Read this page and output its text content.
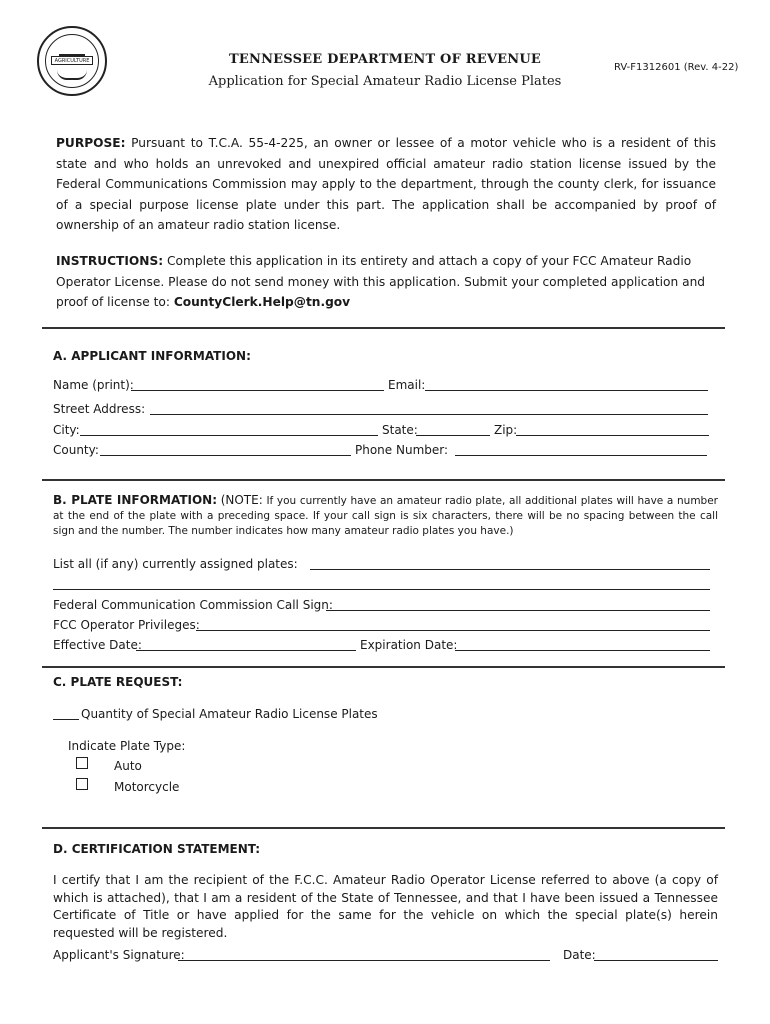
AGRICULTURE	TENNESSEE DEPARTMENT OF REVENUE
Application for Special Amateur Radio License Plates
RV-F1312601 (Rev. 4-22)
PURPOSE: Pursuant to T.C.A. 55-4-225, an owner or lessee of a motor vehicle who is a resident of this state and who holds an unrevoked and unexpired official amateur radio station license issued by the Federal Communications Commission may apply to the department, through the county clerk, for issuance of a special purpose license plate under this part. The application shall be accompanied by proof of ownership of an amateur radio station license.
INSTRUCTIONS: Complete this application in its entirety and attach a copy of your FCC Amateur Radio Operator License. Please do not send money with this application. Submit your completed application and proof of license to: CountyClerk.Help@tn.gov
A. APPLICANT INFORMATION:
Name (print):	Email:
Street Address:
City:	State:	Zip:
County:	Phone Number:
B. PLATE INFORMATION: (NOTE: If you currently have an amateur radio plate, all additional plates will have a number at the end of the plate with a preceding space. If your call sign is six characters, there will be no spacing between the call sign and the number. The number indicates how many amateur radio plates you have.)
List all (if any) currently assigned plates:
Federal Communication Commission Call Sign:
FCC Operator Privileges:
Effective Date:	Expiration Date:
C. PLATE REQUEST:
Quantity of Special Amateur Radio License Plates
Indicate Plate Type:
Auto
Motorcycle
D. CERTIFICATION STATEMENT:
I certify that I am the recipient of the F.C.C. Amateur Radio Operator License referred to above (a copy of which is attached), that I am a resident of the State of Tennessee, and that I have been issued a Tennessee Certificate of Title or have applied for the same for the vehicle on which the special plate(s) herein requested will be registered.
Applicant's Signature:	Date:
